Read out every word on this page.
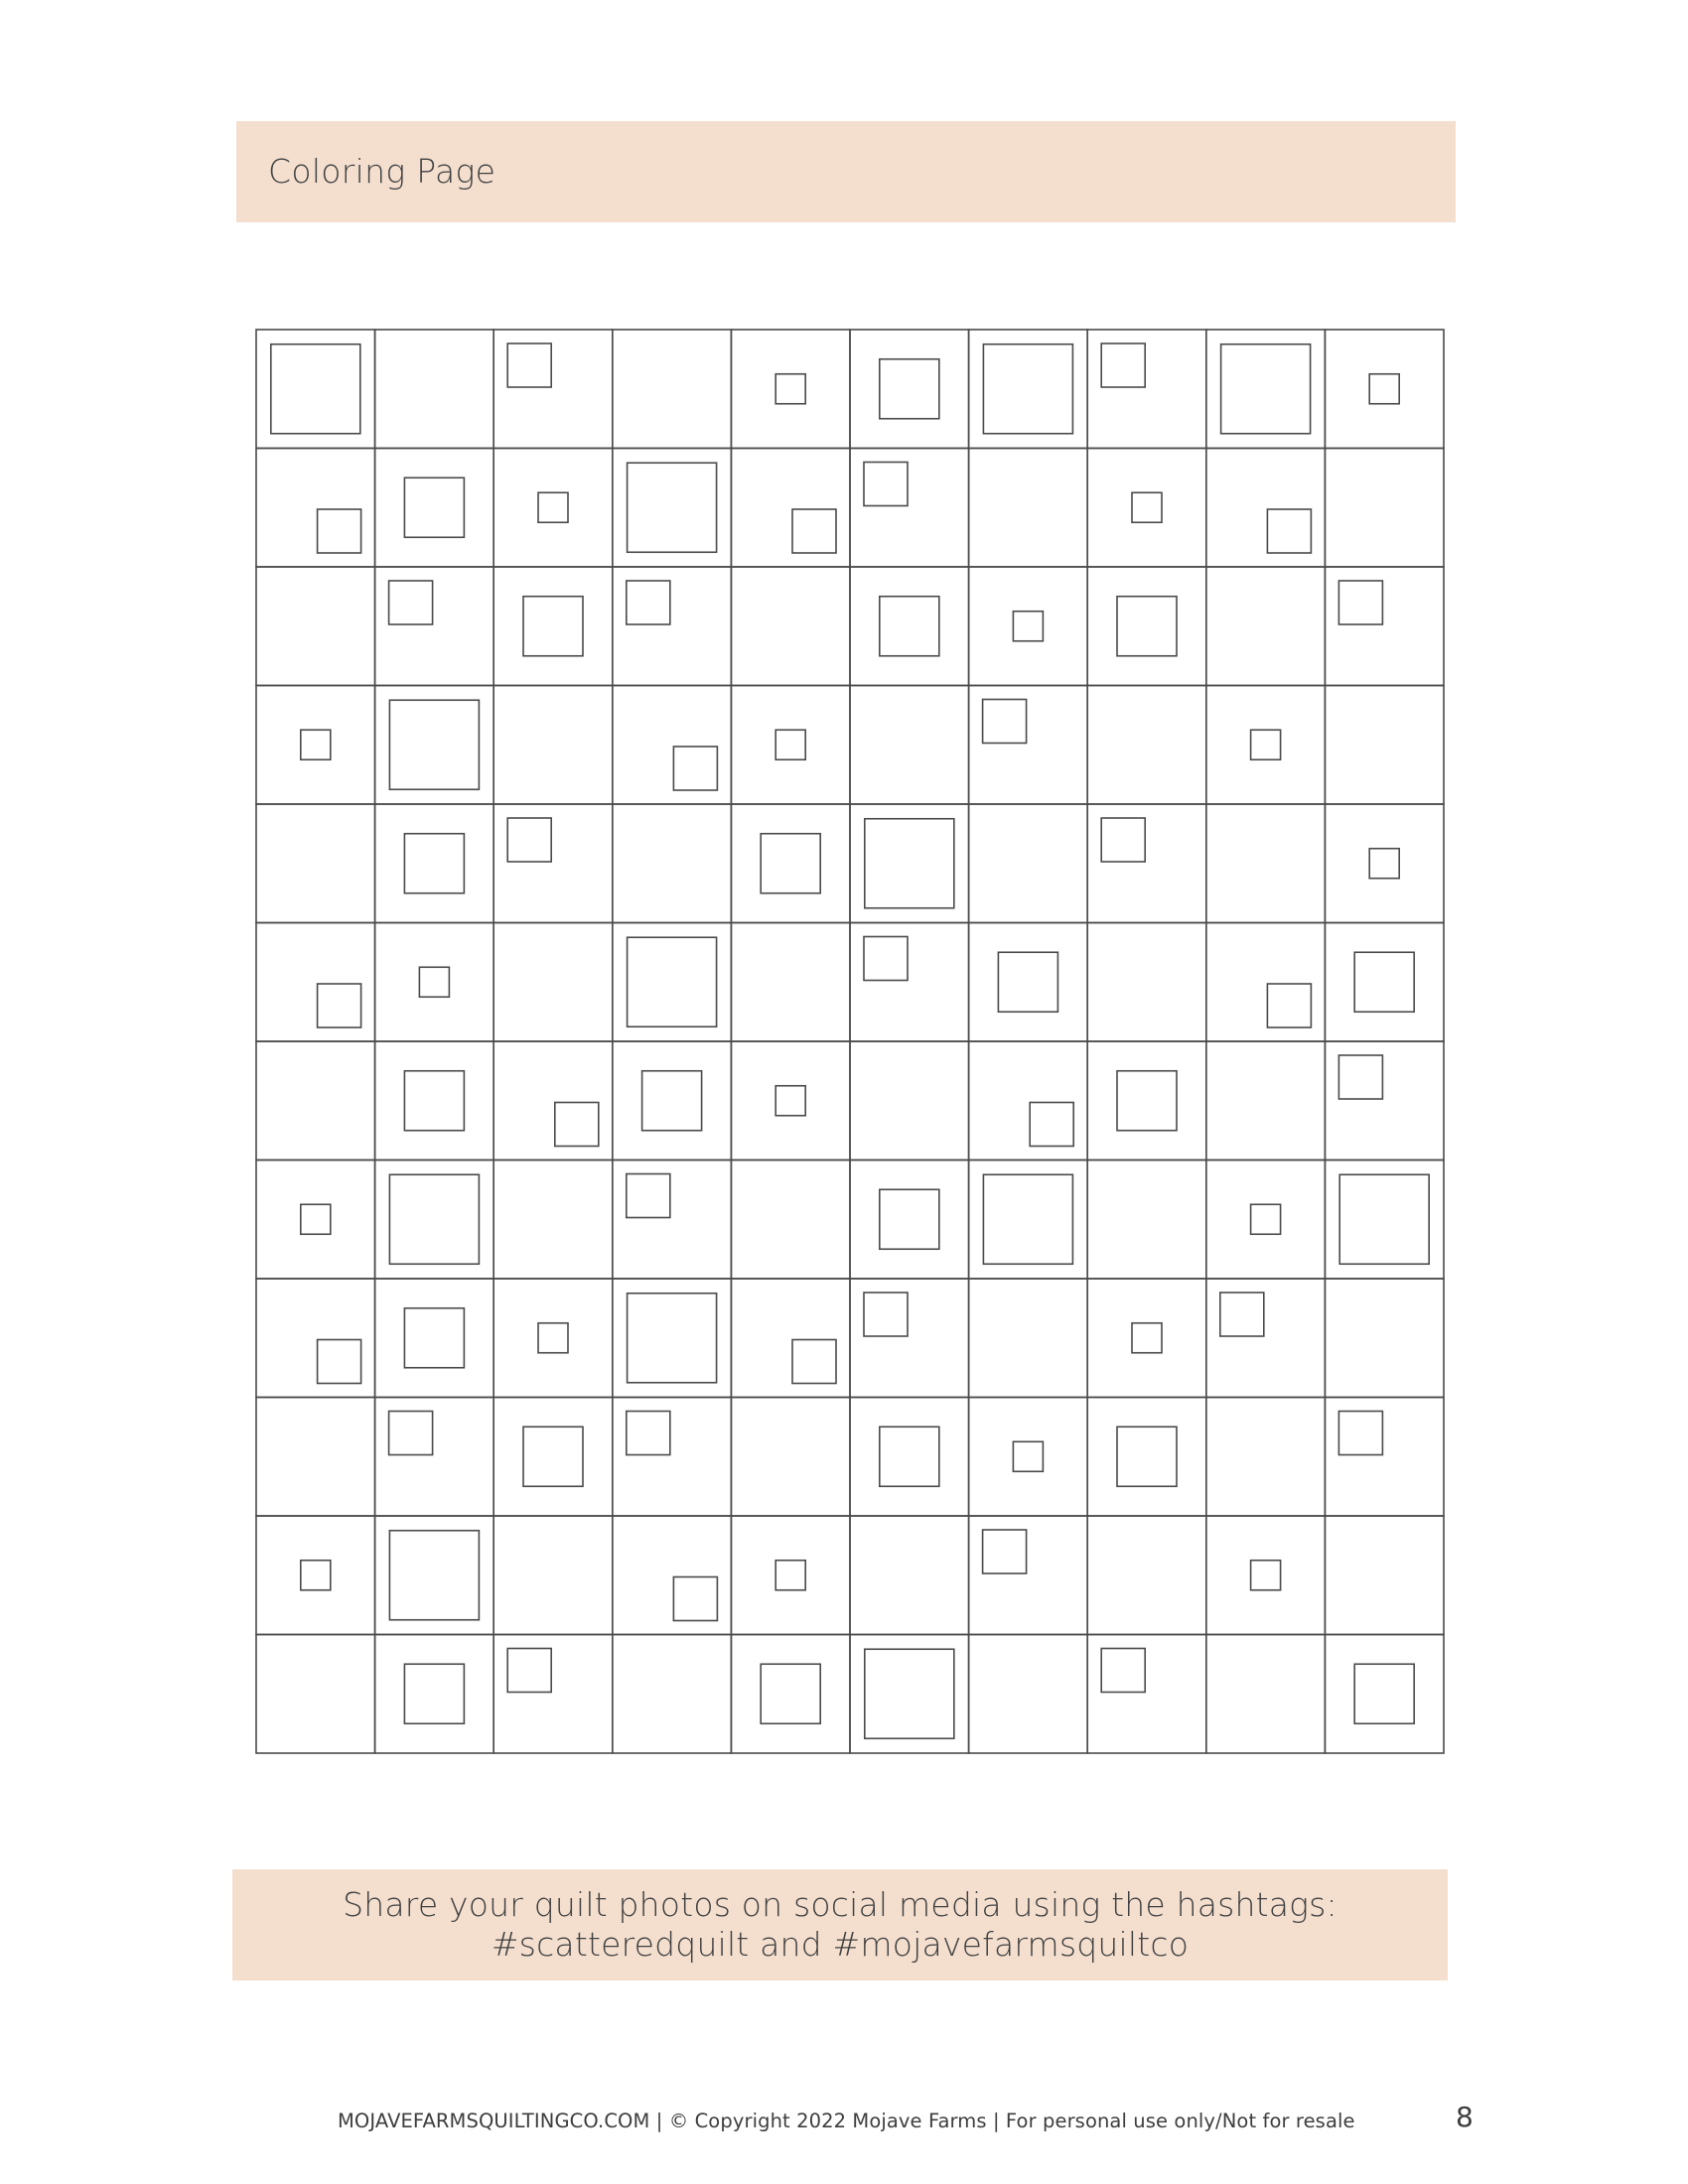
Coloring Page
Share your quilt photos on social media using the hashtags:
#scatteredquilt and #mojavefarmsquiltco
MOJAVEFARMSQUILTINGCO.COM | © Copyright 2022 Mojave Farms | For personal use only/Not for resale	8
